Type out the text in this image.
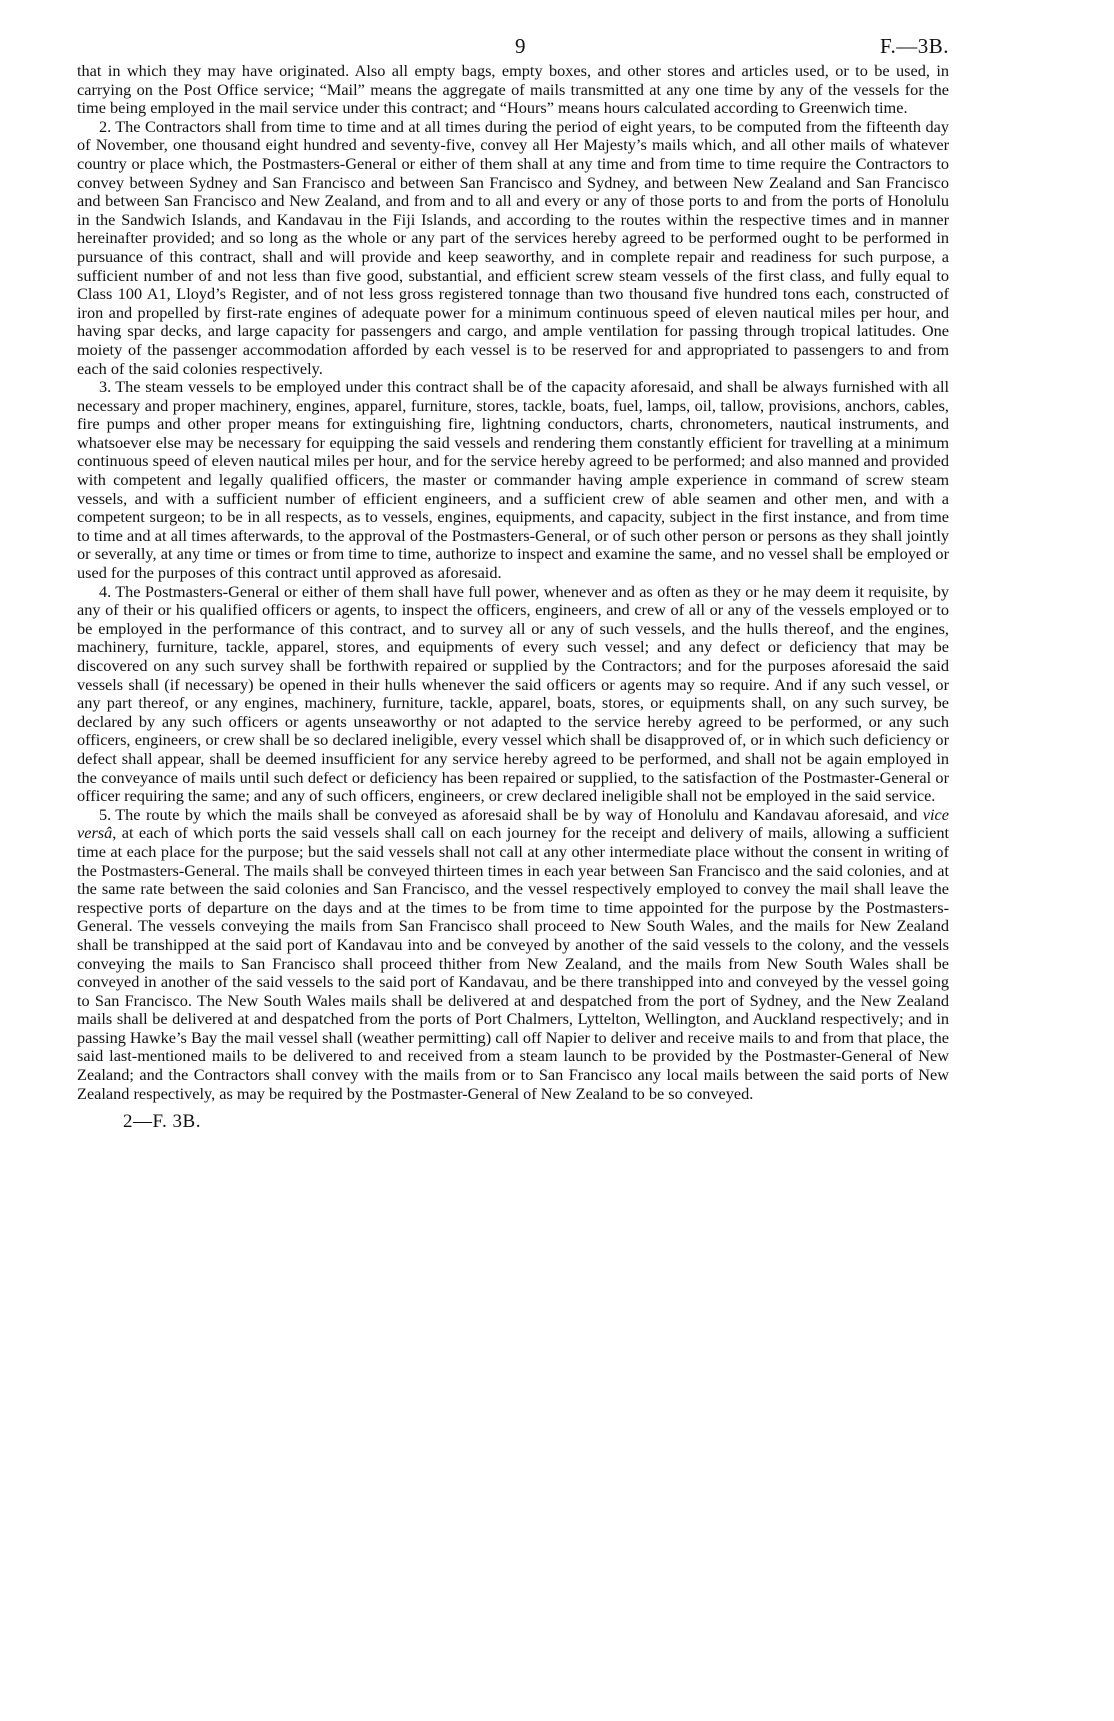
9	F.—3B.

that in which they may have originated. Also all empty bags, empty boxes, and other stores and articles used, or to be used, in carrying on the Post Office service; “Mail” means the aggregate of mails transmitted at any one time by any of the vessels for the time being employed in the mail service under this contract; and “Hours” means hours calculated according to Greenwich time.

2. The Contractors shall from time to time and at all times during the period of eight years, to be computed from the fifteenth day of November, one thousand eight hundred and seventy-five, convey all Her Majesty’s mails which, and all other mails of whatever country or place which, the Postmasters-General or either of them shall at any time and from time to time require the Contractors to convey between Sydney and San Francisco and between San Francisco and Sydney, and between New Zealand and San Francisco and between San Francisco and New Zealand, and from and to all and every or any of those ports to and from the ports of Honolulu in the Sandwich Islands, and Kandavau in the Fiji Islands, and according to the routes within the respective times and in manner hereinafter provided; and so long as the whole or any part of the services hereby agreed to be performed ought to be performed in pursuance of this contract, shall and will provide and keep seaworthy, and in complete repair and readiness for such purpose, a sufficient number of and not less than five good, substantial, and efficient screw steam vessels of the first class, and fully equal to Class 100 A1, Lloyd’s Register, and of not less gross registered tonnage than two thousand five hundred tons each, constructed of iron and propelled by first-rate engines of adequate power for a minimum continuous speed of eleven nautical miles per hour, and having spar decks, and large capacity for passengers and cargo, and ample ventilation for passing through tropical latitudes. One moiety of the passenger accommodation afforded by each vessel is to be reserved for and appropriated to passengers to and from each of the said colonies respectively.

3. The steam vessels to be employed under this contract shall be of the capacity aforesaid, and shall be always furnished with all necessary and proper machinery, engines, apparel, furniture, stores, tackle, boats, fuel, lamps, oil, tallow, provisions, anchors, cables, fire pumps and other proper means for extinguishing fire, lightning conductors, charts, chronometers, nautical instruments, and whatsoever else may be necessary for equipping the said vessels and rendering them constantly efficient for travelling at a minimum continuous speed of eleven nautical miles per hour, and for the service hereby agreed to be performed; and also manned and provided with competent and legally qualified officers, the master or commander having ample experience in command of screw steam vessels, and with a sufficient number of efficient engineers, and a sufficient crew of able seamen and other men, and with a competent surgeon; to be in all respects, as to vessels, engines, equipments, and capacity, subject in the first instance, and from time to time and at all times afterwards, to the approval of the Postmasters-General, or of such other person or persons as they shall jointly or severally, at any time or times or from time to time, authorize to inspect and examine the same, and no vessel shall be employed or used for the purposes of this contract until approved as aforesaid.

4. The Postmasters-General or either of them shall have full power, whenever and as often as they or he may deem it requisite, by any of their or his qualified officers or agents, to inspect the officers, engineers, and crew of all or any of the vessels employed or to be employed in the performance of this contract, and to survey all or any of such vessels, and the hulls thereof, and the engines, machinery, furniture, tackle, apparel, stores, and equipments of every such vessel; and any defect or deficiency that may be discovered on any such survey shall be forthwith repaired or supplied by the Contractors; and for the purposes aforesaid the said vessels shall (if necessary) be opened in their hulls whenever the said officers or agents may so require. And if any such vessel, or any part thereof, or any engines, machinery, furniture, tackle, apparel, boats, stores, or equipments shall, on any such survey, be declared by any such officers or agents unseaworthy or not adapted to the service hereby agreed to be performed, or any such officers, engineers, or crew shall be so declared ineligible, every vessel which shall be disapproved of, or in which such deficiency or defect shall appear, shall be deemed insufficient for any service hereby agreed to be performed, and shall not be again employed in the conveyance of mails until such defect or deficiency has been repaired or supplied, to the satisfaction of the Postmaster-General or officer requiring the same; and any of such officers, engineers, or crew declared ineligible shall not be employed in the said service.

5. The route by which the mails shall be conveyed as aforesaid shall be by way of Honolulu and Kandavau aforesaid, and vice versâ, at each of which ports the said vessels shall call on each journey for the receipt and delivery of mails, allowing a sufficient time at each place for the purpose; but the said vessels shall not call at any other intermediate place without the consent in writing of the Postmasters-General. The mails shall be conveyed thirteen times in each year between San Francisco and the said colonies, and at the same rate between the said colonies and San Francisco, and the vessel respectively employed to convey the mail shall leave the respective ports of departure on the days and at the times to be from time to time appointed for the purpose by the Postmasters-General. The vessels conveying the mails from San Francisco shall proceed to New South Wales, and the mails for New Zealand shall be transhipped at the said port of Kandavau into and be conveyed by another of the said vessels to the colony, and the vessels conveying the mails to San Francisco shall proceed thither from New Zealand, and the mails from New South Wales shall be conveyed in another of the said vessels to the said port of Kandavau, and be there transhipped into and conveyed by the vessel going to San Francisco. The New South Wales mails shall be delivered at and despatched from the port of Sydney, and the New Zealand mails shall be delivered at and despatched from the ports of Port Chalmers, Lyttelton, Wellington, and Auckland respectively; and in passing Hawke’s Bay the mail vessel shall (weather permitting) call off Napier to deliver and receive mails to and from that place, the said last-mentioned mails to be delivered to and received from a steam launch to be provided by the Postmaster-General of New Zealand; and the Contractors shall convey with the mails from or to San Francisco any local mails between the said ports of New Zealand respectively, as may be required by the Postmaster-General of New Zealand to be so conveyed.

2—F. 3B.
